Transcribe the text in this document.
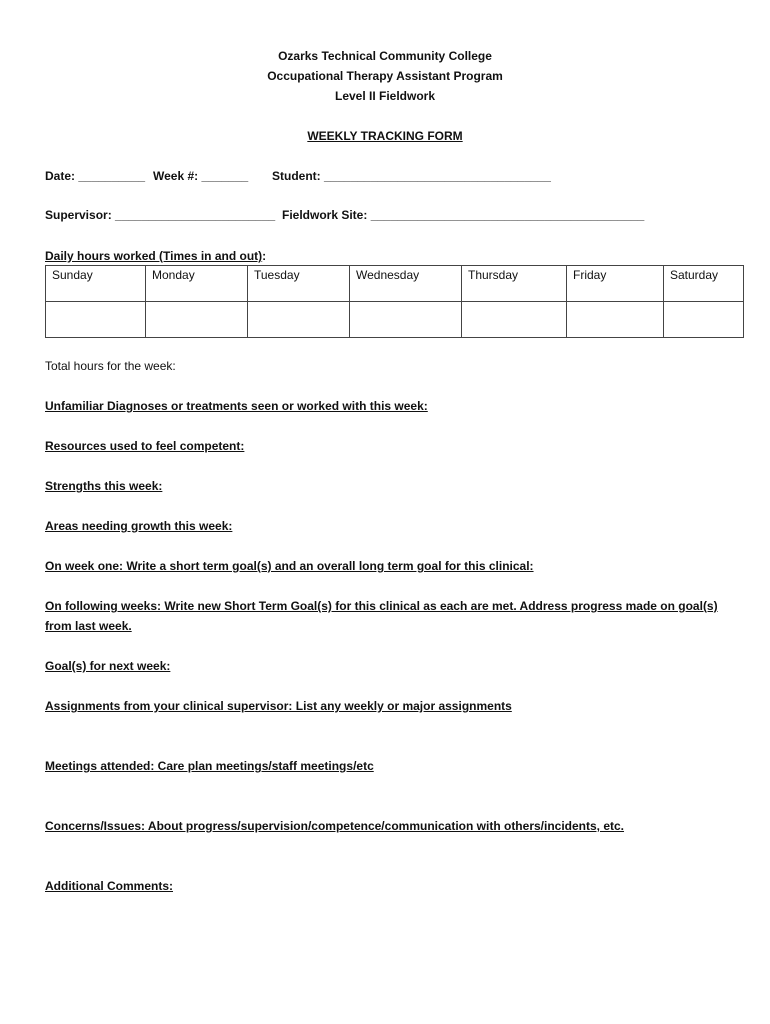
Ozarks Technical Community College
Occupational Therapy Assistant Program
Level II Fieldwork
WEEKLY TRACKING FORM
Date: __________ Week #: _______ Student: __________________________________
Supervisor: ________________________ Fieldwork Site: _________________________________________
Daily hours worked (Times in and out):
Sunday	Monday	Tuesday	Wednesday	Thursday	Friday	Saturday

Total hours for the week:
Unfamiliar Diagnoses or treatments seen or worked with this week:
Resources used to feel competent:
Strengths this week:
Areas needing growth this week:
On week one: Write a short term goal(s) and an overall long term goal for this clinical:
On following weeks: Write new Short Term Goal(s) for this clinical as each are met. Address progress made on goal(s) from last week.
Goal(s) for next week:
Assignments from your clinical supervisor: List any weekly or major assignments
Meetings attended: Care plan meetings/staff meetings/etc
Concerns/Issues: About progress/supervision/competence/communication with others/incidents, etc.
Additional Comments:
